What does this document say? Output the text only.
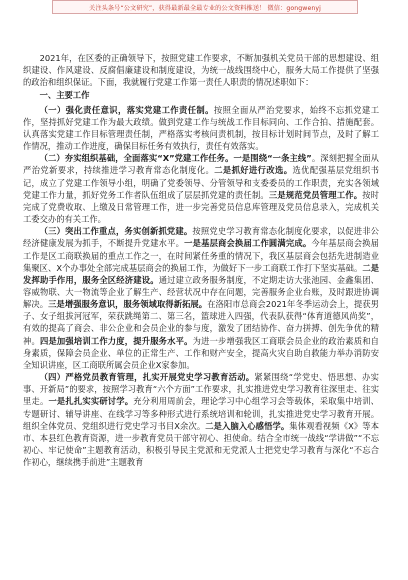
关注头条号“公文研究”，获得最新最全最专业的公文资料推送！ 微信：gongwenyj

2021年，在区委的正确领导下，按照党建工作要求，不断加强机关党员干部的思想建设、组织建设、作风建设、反腐倡廉建设和制度建设，为统一战线围绕中心，服务大局工作提供了坚强的政治和组织保证。下面，我就履行党建工作第一责任人职责的情况述职如下：

一、主要工作

（一）强化责任意识，落实党建工作责任制。按照全面从严治党要求，始终不忘抓党建工作，坚持抓好党建工作为最大政绩。做到党建工作与统战工作目标同向、工作合拍、措施配套。认真落实党建工作目标管理责任制，严格落实考核问责机制，按目标计划时间节点，及时了解工作情况，推动工作进度，确保目标任务有效执行，责任有效落实。

（二）夯实组织基础，全面落实“X”党建工作任务。一是围绕“一条主线”。深刻把握全面从严治党新要求，持续推进学习教育常态化制度化。二是抓好进行改选。选优配强基层党组织书记，成立了党建工作领导小组，明确了党委领导、分管领导和支委委员的工作职责，充实各领域党建工作力量，抓好党务工作者队伍组成了层层抓党建的责任制。三是规范党员管理工作。按时完成了党费收取、上缴及日常管理工作，进一步完善党员信息库管理及党员信息录入，完成机关工委交办的有关工作。

（三）突出工作重点，务实创新抓党建。按照党史学习教育常态化制度化要求，以促进非公经济健康发展为抓手，不断提升党建水平。一是基层商会换届工作圆满完成。今年基层商会换届工作是区工商联换届的重点工作之一，在时间紧任务重的情况下，我区基层商会包括先进制造业集聚区、X个办事处全部完成基层商会的换届工作，为做好下一步工商联工作打下坚实基础。二是发挥助手作用，服务全区经济建设。通过建立政务服务制度，不定期走访大张池园、金鑫集团、容威物联、大一物流等企业了解生产、经营状况中存在问题，完善服务企业台账，及时跟进协调解决。三是增强服务意识，服务领域取得新拓展。在洛阳市总商会2021年冬季运动会上，提获男子、女子组拔河冠军，荣获跳绳第二、第三名，篮球进入四强，代表队获得“体育道德风尚奖”，有效的提高了商会、非公企业和会员企业的参与度，激发了团结协作、奋力拼搏、创先争优的精神。四是加强培训工作力度，提升服务水平。为进一步增强我区工商联会员企业的政治素质和自身素质，保障会员企业、单位的正常生产、工作和财产安全，提高火灾自助自救能力举办消防安全知识讲座，区工商联所属会员企业X家参加。

（四）严格党员教育管理，扎实开展党史学习教育活动。紧紧围绕“学党史、悟思想、办实事、开新局”的要求，按照学习教育“六个方面”工作要求，扎实推进党史学习教育往深里走、往实里走。一是扎扎实实研讨学。充分利用周前会，理论学习中心组学习会等载体，采取集中培训、专题研讨、辅导讲座、在线学习等多种形式进行系统培训和轮训，扎实推进党史学习教育开展。组织全体党员、党组织进行党史学习书目X余次。二是入脑入心感悟学。集体观看视频《X》等本市、本县红色教育资源，进一步教育党员干部守初心、担使命。结合全市统一战线“学讲做”“不忘初心、牢记使命”主题教育活动，积极引导民主党派和无党派人士把党史学习教育与深化“不忘合作初心，继续携手前进”主题教育
